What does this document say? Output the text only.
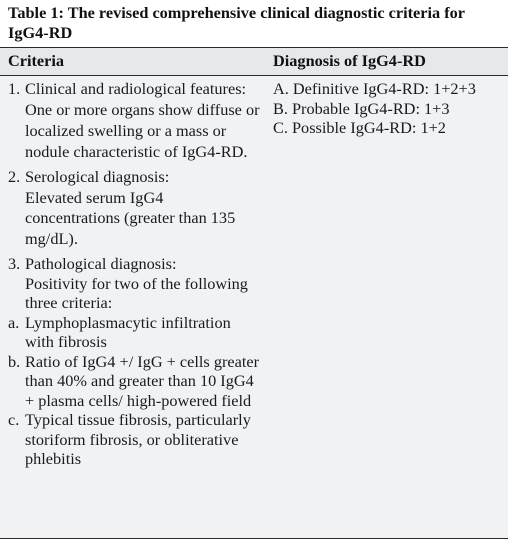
Table 1: The revised comprehensive clinical diagnostic criteria for IgG4-RD
Criteria	Diagnosis of IgG4-RD
1. Clinical and radiological features:
One or more organs show diffuse or localized swelling or a mass or nodule characteristic of IgG4-RD.
2. Serological diagnosis:
Elevated serum IgG4 concentrations (greater than 135 mg/dL).
3. Pathological diagnosis:
Positivity for two of the following three criteria:
a. Lymphoplasmacytic infiltration with fibrosis
b. Ratio of IgG4 +/ IgG + cells greater than 40% and greater than 10 IgG4 + plasma cells/ high-powered field
c. Typical tissue fibrosis, particularly storiform fibrosis, or obliterative phlebitis
A. Definitive IgG4-RD: 1+2+3
B. Probable IgG4-RD: 1+3
C. Possible IgG4-RD: 1+2
